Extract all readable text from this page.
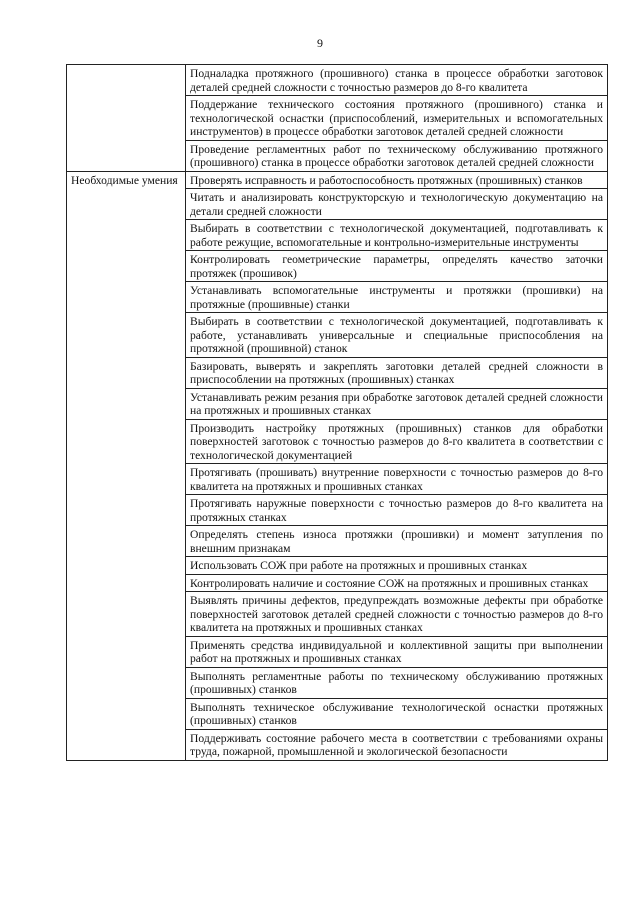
9
	Подналадка протяжного (прошивного) станка в процессе обработки заготовок деталей средней сложности с точностью размеров до 8-го квалитета
	Поддержание технического состояния протяжного (прошивного) станка и технологической оснастки (приспособлений, измерительных и вспомогательных инструментов) в процессе обработки заготовок деталей средней сложности
	Проведение регламентных работ по техническому обслуживанию протяжного (прошивного) станка в процессе обработки заготовок деталей средней сложности
Необходимые умения	Проверять исправность и работоспособность протяжных (прошивных) станков
	Читать и анализировать конструкторскую и технологическую документацию на детали средней сложности
	Выбирать в соответствии с технологической документацией, подготавливать к работе режущие, вспомогательные и контрольно-измерительные инструменты
	Контролировать геометрические параметры, определять качество заточки протяжек (прошивок)
	Устанавливать вспомогательные инструменты и протяжки (прошивки) на протяжные (прошивные) станки
	Выбирать в соответствии с технологической документацией, подготавливать к работе, устанавливать универсальные и специальные приспособления на протяжной (прошивной) станок
	Базировать, выверять и закреплять заготовки деталей средней сложности в приспособлении на протяжных (прошивных) станках
	Устанавливать режим резания при обработке заготовок деталей средней сложности на протяжных и прошивных станках
	Производить настройку протяжных (прошивных) станков для обработки поверхностей заготовок с точностью размеров до 8-го квалитета в соответствии с технологической документацией
	Протягивать (прошивать) внутренние поверхности с точностью размеров до 8-го квалитета на протяжных и прошивных станках
	Протягивать наружные поверхности с точностью размеров до 8-го квалитета на протяжных станках
	Определять степень износа протяжки (прошивки) и момент затупления по внешним признакам
	Использовать СОЖ при работе на протяжных и прошивных станках
	Контролировать наличие и состояние СОЖ на протяжных и прошивных станках
	Выявлять причины дефектов, предупреждать возможные дефекты при обработке поверхностей заготовок деталей средней сложности с точностью размеров до 8-го квалитета на протяжных и прошивных станках
	Применять средства индивидуальной и коллективной защиты при выполнении работ на протяжных и прошивных станках
	Выполнять регламентные работы по техническому обслуживанию протяжных (прошивных) станков
	Выполнять техническое обслуживание технологической оснастки протяжных (прошивных) станков
	Поддерживать состояние рабочего места в соответствии с требованиями охраны труда, пожарной, промышленной и экологической безопасности
